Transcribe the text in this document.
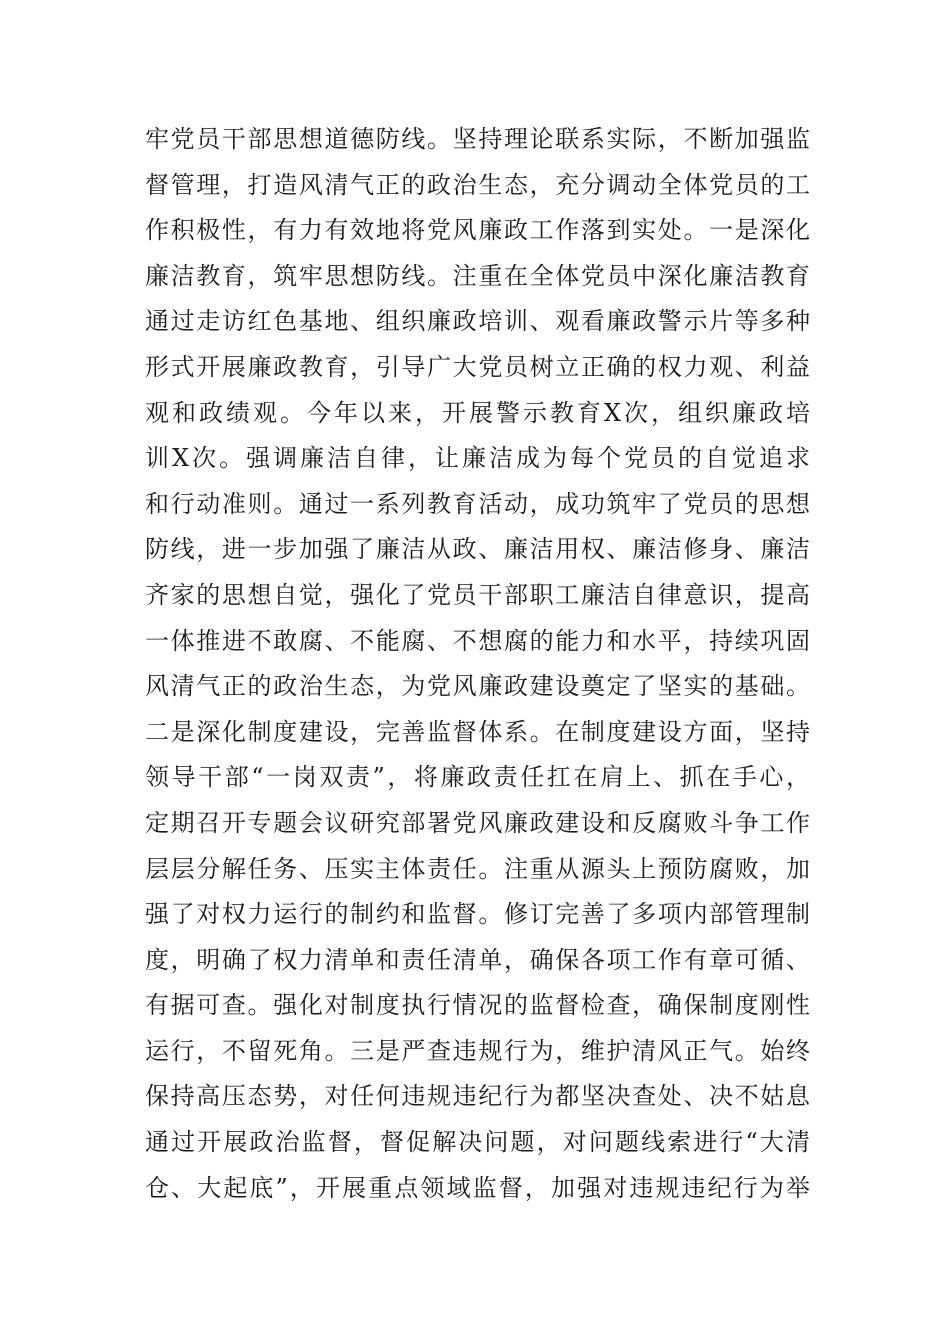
牢党员干部思想道德防线。坚持理论联系实际，不断加强监
督管理，打造风清气正的政治生态，充分调动全体党员的工
作积极性，有力有效地将党风廉政工作落到实处。一是深化
廉洁教育，筑牢思想防线。注重在全体党员中深化廉洁教育
通过走访红色基地、组织廉政培训、观看廉政警示片等多种
形式开展廉政教育，引导广大党员树立正确的权力观、利益
观和政绩观。今年以来，开展警示教育X次，组织廉政培
训X次。强调廉洁自律，让廉洁成为每个党员的自觉追求
和行动准则。通过一系列教育活动，成功筑牢了党员的思想
防线，进一步加强了廉洁从政、廉洁用权、廉洁修身、廉洁
齐家的思想自觉，强化了党员干部职工廉洁自律意识，提高
一体推进不敢腐、不能腐、不想腐的能力和水平，持续巩固
风清气正的政治生态，为党风廉政建设奠定了坚实的基础。
二是深化制度建设，完善监督体系。在制度建设方面，坚持
领导干部“一岗双责”，将廉政责任扛在肩上、抓在手心，
定期召开专题会议研究部署党风廉政建设和反腐败斗争工作
层层分解任务、压实主体责任。注重从源头上预防腐败，加
强了对权力运行的制约和监督。修订完善了多项内部管理制
度，明确了权力清单和责任清单，确保各项工作有章可循、
有据可查。强化对制度执行情况的监督检查，确保制度刚性
运行，不留死角。三是严查违规行为，维护清风正气。始终
保持高压态势，对任何违规违纪行为都坚决查处、决不姑息
通过开展政治监督，督促解决问题，对问题线索进行“大清
仓、大起底”，开展重点领域监督，加强对违规违纪行为举
